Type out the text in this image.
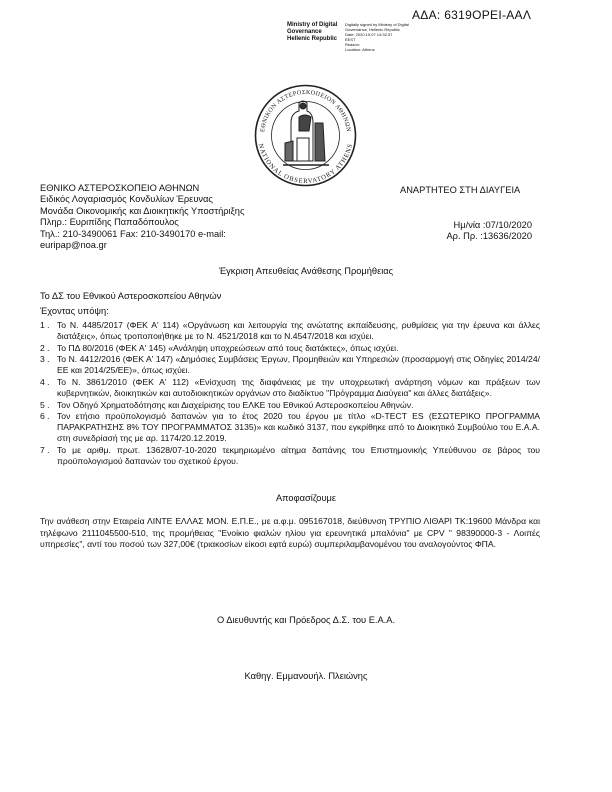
ΑΔΑ: 6319ΟΡΕΙ-ΑΑΛ
Ministry of Digital
Governance
Hellenic Republic
Digitally signed by Ministry of Digital
Governance, Hellenic Republic
Date: 2020.10.07 14:32:37
EEST
Reason:
Location: Athens
ΕΘΝΙΚΟΝ ΑΣΤΕΡΟΣΚΟΠΕΙΟΝ ΑΘΗΝΩΝ
NATIONAL OBSERVATORY ATHENS
ΕΘΝΙΚΟ ΑΣΤΕΡΟΣΚΟΠΕΙΟ ΑΘΗΝΩΝ
Ειδικός Λογαριασμός Κονδυλίων Έρευνας
Μονάδα Οικονομικής και Διοικητικής Υποστήριξης
Πληρ.: Ευριπίδης Παπαδόπουλος
Τηλ.: 210-3490061 Fax: 210-3490170 e-mail:
euripap@noa.gr
ΑΝΑΡΤΗΤΕΟ ΣΤΗ ΔΙΑΥΓΕΙΑ
Ημ/νία :07/10/2020
Αρ. Πρ. :13636/2020
Έγκριση Απευθείας Ανάθεσης Προμήθειας
Το ΔΣ του Εθνικού Αστεροσκοπείου Αθηνών
Έχοντας υπόψη:
1 . Το Ν. 4485/2017 (ΦΕΚ Α' 114) «Οργάνωση και λειτουργία της ανώτατης εκπαίδευσης, ρυθμίσεις για την έρευνα και άλλες διατάξεις», όπως τροποποιήθηκε με το Ν. 4521/2018 και το Ν.4547/2018 και ισχύει.
2 . Το ΠΔ 80/2016 (ΦΕΚ Α' 145) «Ανάληψη υποχρεώσεων από τους διατάκτες», όπως ισχύει.
3 . Το Ν. 4412/2016 (ΦΕΚ Α' 147) «Δημόσιες Συμβάσεις Έργων, Προμηθειών και Υπηρεσιών (προσαρμογή στις Οδηγίες 2014/24/ΕΕ και 2014/25/ΕΕ)», όπως ισχύει.
4 . Το Ν. 3861/2010 (ΦΕΚ Α' 112) «Ενίσχυση της διαφάνειας με την υποχρεωτική ανάρτηση νόμων και πράξεων των κυβερνητικών, διοικητικών και αυτοδιοικητικών οργάνων στο διαδίκτυο "Πρόγραμμα Διαύγεια" και άλλες διατάξεις».
5 . Τον Οδηγό Χρηματοδότησης και Διαχείρισης του ΕΛΚΕ του Εθνικού Αστεροσκοπείου Αθηνών.
6 . Τον ετήσιο προϋπολογισμό δαπανών για το έτος 2020 του έργου με τίτλο «D-TECT ES (ΕΣΩΤΕΡΙΚΟ ΠΡΟΓΡΑΜΜΑ ΠΑΡΑΚΡΑΤΗΣΗΣ 8% ΤΟΥ ΠΡΟΓΡΑΜΜΑΤΟΣ 3135)» και κωδικό 3137, που εγκρίθηκε από το Διοικητικό Συμβούλιο του Ε.Α.Α. στη συνεδρίασή της με αρ. 1174/20.12.2019.
7 . Το με αριθμ. πρωτ. 13628/07-10-2020 τεκμηριωμένο αίτημα δαπάνης του Επιστημονικής Υπεύθυνου σε βάρος του προϋπολογισμού δαπανών του σχετικού έργου.
Αποφασίζουμε
Την ανάθεση στην Εταιρεία ΛΙΝΤΕ ΕΛΛΑΣ ΜΟΝ. Ε.Π.Ε., με α.φ.μ. 095167018, διεύθυνση ΤΡΥΠΙΟ ΛΙΘΑΡΙ ΤΚ:19600 Μάνδρα και τηλέφωνο 2111045500-510, της προμήθειας "Ενοίκιο φιαλών ηλίου για ερευνητικά μπαλόνια" με CPV " 98390000-3 - Λοιπές υπηρεσίες", αντί του ποσού των 327,00€ (τριακοσίων είκοσι εφτά ευρώ) συμπεριλαμβανομένου του αναλογούντος ΦΠΑ.
Ο Διευθυντής και Πρόεδρος Δ.Σ. του Ε.Α.Α.
Καθηγ. Εμμανουήλ. Πλειώνης
